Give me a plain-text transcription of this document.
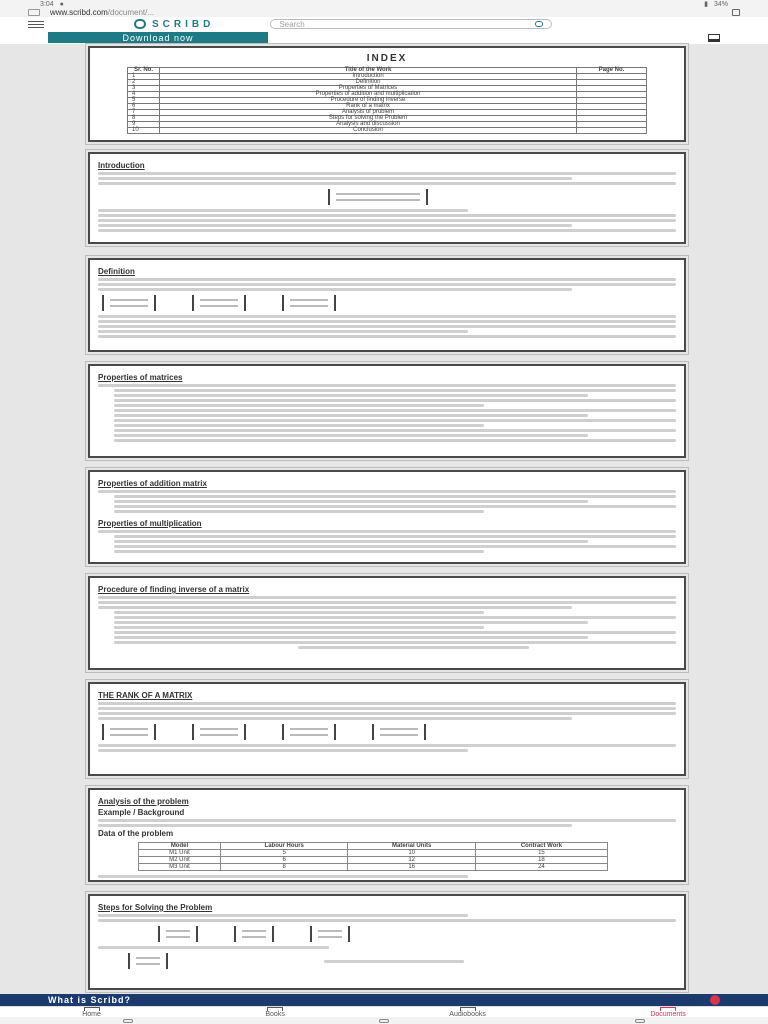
3:04 ●	▮ 34%
www.scribd.com /document/...
SCRIBD	Search
Download now
INDEX
Sr. No.	Title of the Work	Page No.
1	Introduction	
2	Definition	
3	Properties of Matrices	
4	Properties of addition and multiplication	
5	Procedure of finding inverse	
6	Rank of a matrix	
7	Analysis of problem	
8	Steps for solving the Problem	
9	Analysis and discussion	
10	Conclusion	
Introduction
Definition
Properties of matrices
Properties of addition matrix
Properties of multiplication
Procedure of finding inverse of a matrix
THE RANK OF A MATRIX
Analysis of the problem
Example / Background
Data of the problem
Model	Labour Hours	Material Units	Contract Work
M1 Unit	5	10	15
M2 Unit	6	12	18
M3 Unit	8	16	24
Steps for Solving the Problem
What is Scribd?
Home	Books	Audiobooks	Documents
